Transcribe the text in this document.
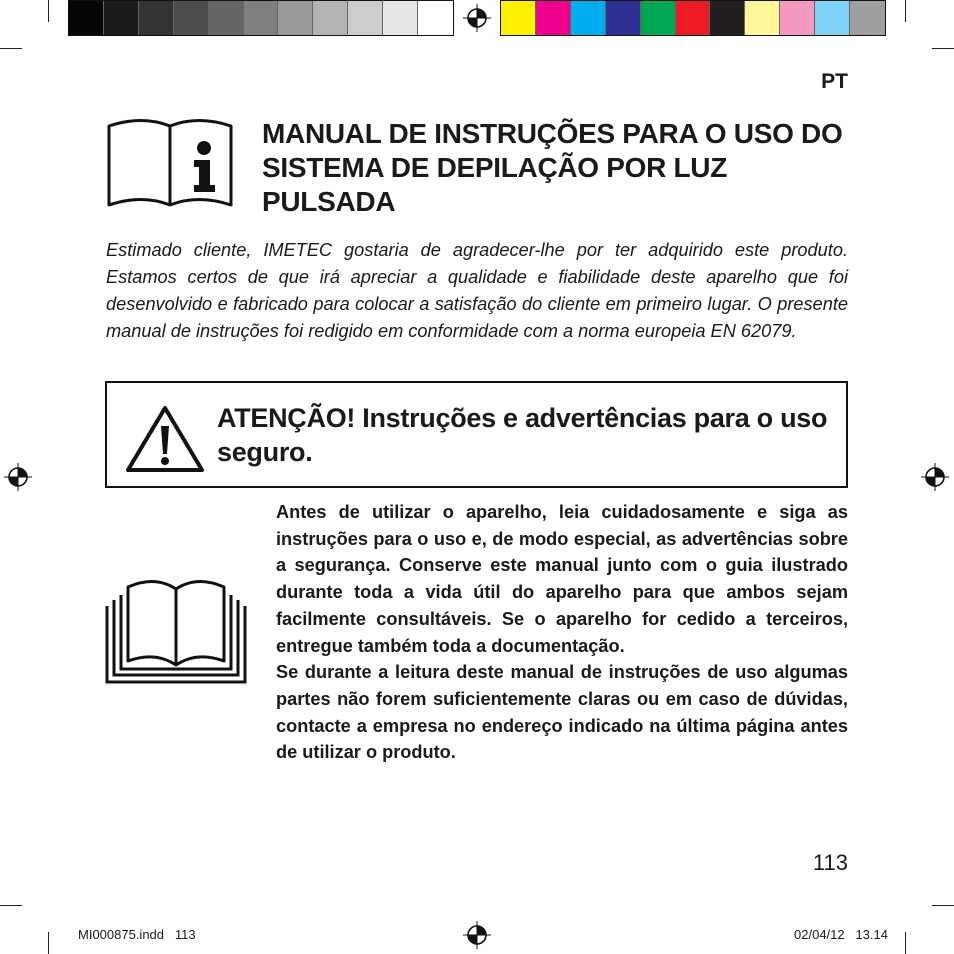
PT
MANUAL DE INSTRUÇÕES PARA O USO DO SISTEMA DE DEPILAÇÃO POR LUZ PULSADA
Estimado cliente, IMETEC gostaria de agradecer-lhe por ter adquirido este produto. Estamos certos de que irá apreciar a qualidade e fiabilidade deste aparelho que foi desenvolvido e fabricado para colocar a satisfação do cliente em primeiro lugar. O presente manual de instruções foi redigido em conformidade com a norma europeia EN 62079.
ATENÇÃO! Instruções e advertências para o uso seguro.

Antes de utilizar o aparelho, leia cuidadosamente e siga as instruções para o uso e, de modo especial, as advertências sobre a segurança. Conserve este manual junto com o guia ilustrado durante toda a vida útil do aparelho para que ambos sejam facilmente consultáveis. Se o aparelho for cedido a terceiros, entregue também toda a documentação.

Se durante a leitura deste manual de instruções de uso algumas partes não forem suficientemente claras ou em caso de dúvidas, contacte a empresa no endereço indicado na última página antes de utilizar o produto.

113
MI000875.indd   113	02/04/12   13.14
